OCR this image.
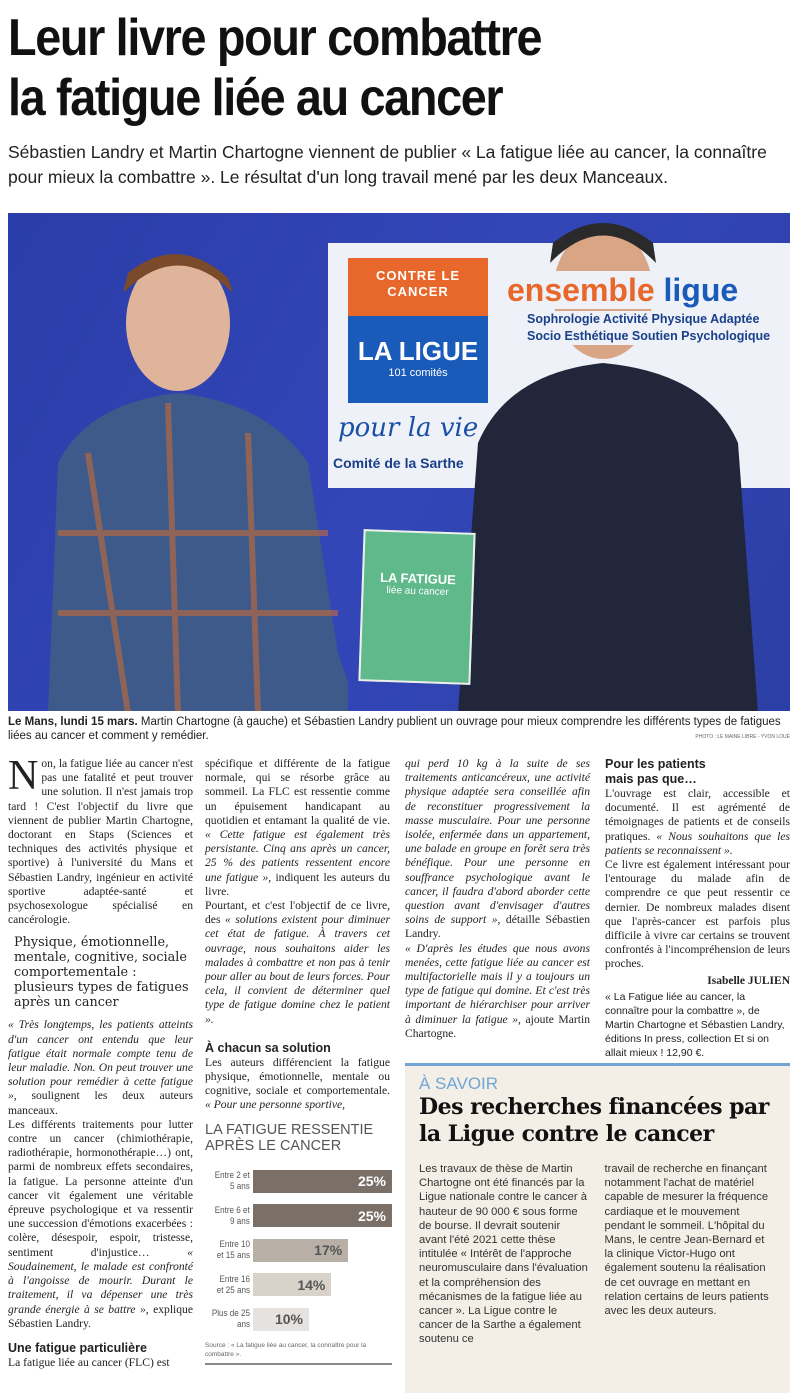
Leur livre pour combattre
la fatigue liée au cancer

Sébastien Landry et Martin Chartogne viennent de publier « La fatigue liée au cancer, la connaître pour mieux la combattre ». Le résultat d'un long travail mené par les deux Manceaux.

CONTRE LE CANCER
LA LIGUE
101 comités
pour la vie
Comité de la Sarthe
ensemble ligue
Sophrologie Activité Physique Adaptée
Socio Esthétique Soutien Psychologique
LA FATIGUE
liée au cancer

Le Mans, lundi 15 mars. Martin Chartogne (à gauche) et Sébastien Landry publient un ouvrage pour mieux comprendre les différents types de fatigues liées au cancer et comment y remédier.	PHOTO : LE MAINE LIBRE - YVON LOUÉ

Non, la fatigue liée au cancer n'est pas une fatalité et peut trouver une solution. Il n'est jamais trop tard ! C'est l'objectif du livre que viennent de publier Martin Chartogne, doctorant en Staps (Sciences et techniques des activités physique et sportive) à l'université du Mans et Sébastien Landry, ingénieur en activité sportive adaptée-santé et psychosexologue spécialisé en cancérologie.

Physique, émotionnelle, mentale, cognitive, sociale comportementale : plusieurs types de fatigues après un cancer

« Très longtemps, les patients atteints d'un cancer ont entendu que leur fatigue était normale compte tenu de leur maladie. Non. On peut trouver une solution pour remédier à cette fatigue », soulignent les deux auteurs manceaux.

Les différents traitements pour lutter contre un cancer (chimiothérapie, radiothérapie, hormonothérapie…) ont, parmi de nombreux effets secondaires, la fatigue. La personne atteinte d'un cancer vit également une véritable épreuve psychologique et va ressentir une succession d'émotions exacerbées : colère, désespoir, espoir, tristesse, sentiment d'injustice… « Soudainement, le malade est confronté à l'angoisse de mourir. Durant le traitement, il va dépenser une très grande énergie à se battre », explique Sébastien Landry.

Une fatigue particulière

La fatigue liée au cancer (FLC) est

spécifique et différente de la fatigue normale, qui se résorbe grâce au sommeil. La FLC est ressentie comme un épuisement handicapant au quotidien et entamant la qualité de vie. « Cette fatigue est également très persistante. Cinq ans après un cancer, 25 % des patients ressentent encore une fatigue », indiquent les auteurs du livre.

Pourtant, et c'est l'objectif de ce livre, des « solutions existent pour diminuer cet état de fatigue. À travers cet ouvrage, nous souhaitons aider les malades à combattre et non pas à tenir pour aller au bout de leurs forces. Pour cela, il convient de déterminer quel type de fatigue domine chez le patient ».

À chacun sa solution

Les auteurs différencient la fatigue physique, émotionnelle, mentale ou cognitive, sociale et comportementale. « Pour une personne sportive,

LA FATIGUE RESSENTIE APRÈS LE CANCER
Entre 2 et 5 ans	25%
Entre 6 et 9 ans	25%
Entre 10 et 15 ans	17%
Entre 16 et 25 ans	14%
Plus de 25 ans 10%
Source : « La fatigue liée au cancer, la connaître pour la combattre ».

qui perd 10 kg à la suite de ses traitements anticancéreux, une activité physique adaptée sera conseillée afin de reconstituer progressivement la masse musculaire. Pour une personne isolée, enfermée dans un appartement, une balade en groupe en forêt sera très bénéfique. Pour une personne en souffrance psychologique avant le cancer, il faudra d'abord aborder cette question avant d'envisager d'autres soins de support », détaille Sébastien Landry.

« D'après les études que nous avons menées, cette fatigue liée au cancer est multifactorielle mais il y a toujours un type de fatigue qui domine. Et c'est très important de hiérarchiser pour arriver à diminuer la fatigue », ajoute Martin Chartogne.

Pour les patients mais pas que…

L'ouvrage est clair, accessible et documenté. Il est agrémenté de témoignages de patients et de conseils pratiques. « Nous souhaitons que les patients se reconnaissent ».

Ce livre est également intéressant pour l'entourage du malade afin de comprendre ce que peut ressentir ce dernier. De nombreux malades disent que l'après-cancer est parfois plus difficile à vivre car certains se trouvent confrontés à l'incompréhension de leurs proches.

Isabelle JULIEN
« La Fatigue liée au cancer, la connaître pour la combattre », de Martin Chartogne et Sébastien Landry, éditions In press, collection Et si on allait mieux ! 12,90 €.
À SAVOIR
Des recherches financées par la Ligue contre le cancer

Les travaux de thèse de Martin Chartogne ont été financés par la Ligue nationale contre le cancer à hauteur de 90 000 € sous forme de bourse. Il devrait soutenir avant l'été 2021 cette thèse intitulée « Intérêt de l'approche neuromusculaire dans l'évaluation et la compréhension des mécanismes de la fatigue liée au cancer ». La Ligue contre le cancer de la Sarthe a également soutenu ce

travail de recherche en finançant notamment l'achat de matériel capable de mesurer la fréquence cardiaque et le mouvement pendant le sommeil. L'hôpital du Mans, le centre Jean-Bernard et la clinique Victor-Hugo ont également soutenu la réalisation de cet ouvrage en mettant en relation certains de leurs patients avec les deux auteurs.
